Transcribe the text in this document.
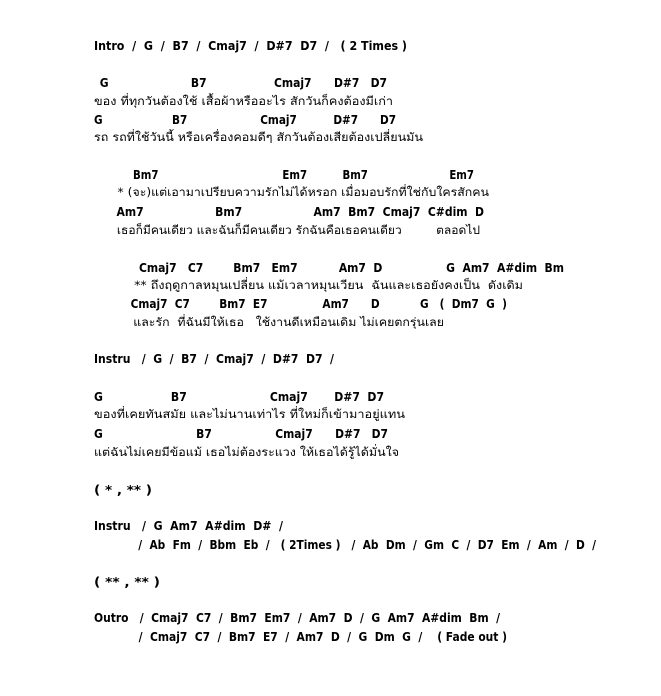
Intro  /  G  /  B7  /  Cmaj7  /  D#7  D7  /   ( 2 Times )
G                      B7                  Cmaj7      D#7   D7
ของ ที่ทุกวันต้องใช้ เสื้อผ้าหรืออะไร สักวันก็คงต้องมีเก่า
G                   B7                    Cmaj7          D#7      D7
รถ รถที่ใช้วันนี้ หรือเครื่องคอมดีๆ สักวันต้องเสียต้องเปลี่ยนมัน
Bm7                                   Em7          Bm7                       Em7
* (จะ)แต่เอามาเปรียบความรักไม่ได้หรอก เมื่อมอบรักที่ใช่กับใครสักคน
Am7                   Bm7                   Am7  Bm7  Cmaj7  C#dim  D
เธอก็มีคนเดียว และฉันก็มีคนเดียว รักฉันคือเธอคนเดียว         ตลอดไป
Cmaj7   C7        Bm7   Em7           Am7  D                 G  Am7  A#dim  Bm
** ถึงฤดูกาลหมุนเปลี่ยน แม้เวลาหมุนเวียน  ฉันและเธอยังคงเป็น  ดังเดิม
Cmaj7  C7        Bm7  E7               Am7      D           G   (  Dm7  G  )
และรัก  ที่ฉันมีให้เธอ   ใช้งานดีเหมือนเดิม ไม่เคยตกรุ่นเลย
Instru   /  G  /  B7  /  Cmaj7  /  D#7  D7  /
G                  B7                      Cmaj7       D#7  D7
ของที่เคยทันสมัย และไม่นานเท่าไร ที่ใหม่ก็เข้ามาอยู่แทน
G                         B7                 Cmaj7      D#7   D7
แต่ฉันไม่เคยมีข้อแม้ เธอไม่ต้องระแวง ให้เธอได้รู้ได้มั่นใจ
( * , ** )
Instru   /  G  Am7  A#dim  D#  /
/  Ab  Fm  /  Bbm  Eb  /   ( 2Times )   /  Ab  Dm  /  Gm  C  /  D7  Em  /  Am  /  D  /
( ** , ** )
Outro   /  Cmaj7  C7  /  Bm7  Em7  /  Am7  D  /  G  Am7  A#dim  Bm  /
/  Cmaj7  C7  /  Bm7  E7  /  Am7  D  /  G  Dm  G  /    ( Fade out )
